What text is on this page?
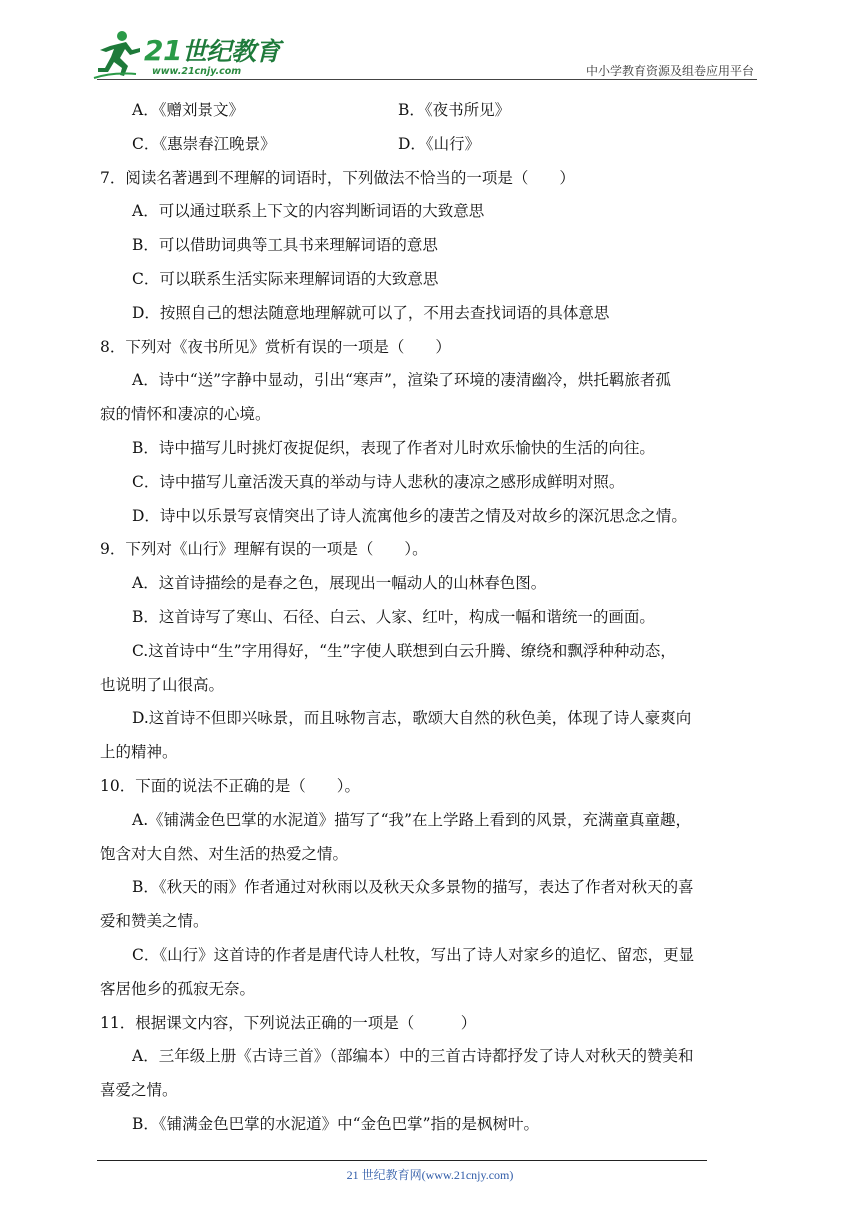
21世纪教育
www.21cnjy.com	中小学教育资源及组卷应用平台
A．《赠刘景文》	B．《夜书所见》
C．《惠崇春江晚景》	D．《山行》
7．阅读名著遇到不理解的词语时，下列做法不恰当的一项是（　　）
A．可以通过联系上下文的内容判断词语的大致意思
B．可以借助词典等工具书来理解词语的意思
C．可以联系生活实际来理解词语的大致意思
D．按照自己的想法随意地理解就可以了，不用去查找词语的具体意思
8．下列对《夜书所见》赏析有误的一项是（　　）
A．诗中“送”字静中显动，引出“寒声”，渲染了环境的凄清幽冷，烘托羁旅者孤
寂的情怀和凄凉的心境。
B．诗中描写儿时挑灯夜捉促织，表现了作者对儿时欢乐愉快的生活的向往。
C．诗中描写儿童活泼天真的举动与诗人悲秋的凄凉之感形成鲜明对照。
D．诗中以乐景写哀情突出了诗人流寓他乡的凄苦之情及对故乡的深沉思念之情。
9．下列对《山行》理解有误的一项是（　　）。
A．这首诗描绘的是春之色，展现出一幅动人的山林春色图。
B．这首诗写了寒山、石径、白云、人家、红叶，构成一幅和谐统一的画面。
C.这首诗中“生”字用得好，“生”字使人联想到白云升腾、缭绕和飘浮种种动态，
也说明了山很高。
D.这首诗不但即兴咏景，而且咏物言志，歌颂大自然的秋色美，体现了诗人豪爽向
上的精神。
10．下面的说法不正确的是（　　）。
A.《铺满金色巴掌的水泥道》描写了“我”在上学路上看到的风景，充满童真童趣，
饱含对大自然、对生活的热爱之情。
B．《秋天的雨》作者通过对秋雨以及秋天众多景物的描写，表达了作者对秋天的喜
爱和赞美之情。
C．《山行》这首诗的作者是唐代诗人杜牧，写出了诗人对家乡的追忆、留恋，更显
客居他乡的孤寂无奈。
11．根据课文内容，下列说法正确的一项是（　　　）
A．三年级上册《古诗三首》（部编本）中的三首古诗都抒发了诗人对秋天的赞美和
喜爱之情。
B．《铺满金色巴掌的水泥道》中“金色巴掌”指的是枫树叶。
21 世纪教育网(www.21cnjy.com)
